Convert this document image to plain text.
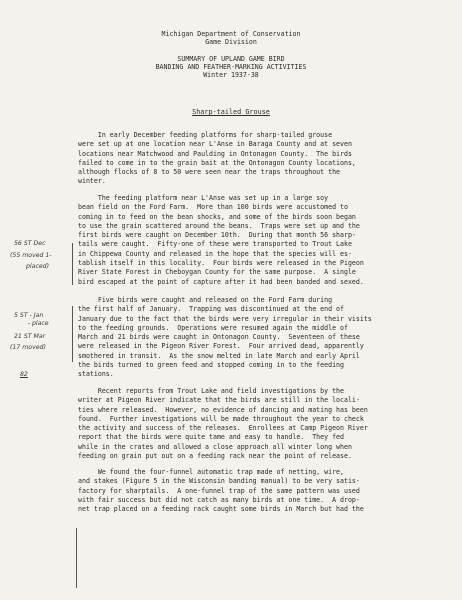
Michigan Department of Conservation
Game Division
SUMMARY OF UPLAND GAME BIRD
BANDING AND FEATHER-MARKING ACTIVITIES
Winter 1937-38
Sharp-tailed Grouse
In early December feeding platforms for sharp-tailed grouse
were set up at one location near L'Anse in Baraga County and at seven
locations near Matchwood and Paulding in Ontonagon County.  The birds
failed to come in to the grain bait at the Ontonagon County locations,
although flocks of 8 to 50 were seen near the traps throughout the
winter.
The feeding platform near L'Anse was set up in a large soy
bean field on the Ford Farm.  More than 100 birds were accustomed to
coming in to feed on the bean shocks, and some of the birds soon began
to use the grain scattered around the beans.  Traps were set up and the
first birds were caught on December 10th.  During that month 56 sharp-
tails were caught.  Fifty-one of these were transported to Trout Lake
in Chippewa County and released in the hope that the species will es-
tablish itself in this locality.  Four birds were released in the Pigeon
River State Forest in Cheboygan County for the same purpose.  A single
bird escaped at the point of capture after it had been banded and sexed.
Five birds were caught and released on the Ford Farm during
the first half of January.  Trapping was discontinued at the end of
January due to the fact that the birds were very irregular in their visits
to the feeding grounds.  Operations were resumed again the middle of
March and 21 birds were caught in Ontonagon County.  Seventeen of these
were released in the Pigeon River Forest.  Four arrived dead, apparently
smothered in transit.  As the snow melted in late March and early April
the birds turned to green feed and stopped coming in to the feeding
stations.
Recent reports from Trout Lake and field investigations by the
writer at Pigeon River indicate that the birds are still in the locali-
ties where released.  However, no evidence of dancing and mating has been
found.  Further investigations will be made throughout the year to check
the activity and success of the releases.  Enrollees at Camp Pigeon River
report that the birds were quite tame and easy to handle.  They fed
while in the crates and allowed a close approach all winter long when
feeding on grain put out on a feeding rack near the point of release.
We found the four-funnel automatic trap made of netting, wire,
and stakes (Figure 5 in the Wisconsin banding manual) to be very satis-
factory for sharptails.  A one-funnel trap of the same pattern was used
with fair success but did not catch as many birds at one time.  A drop-
net trap placed on a feeding rack caught some birds in March but had the
56 ST Dec
(55 moved 1-
placed)
5 ST - Jan
- place
21 ST Mar
(17 moved)
82
